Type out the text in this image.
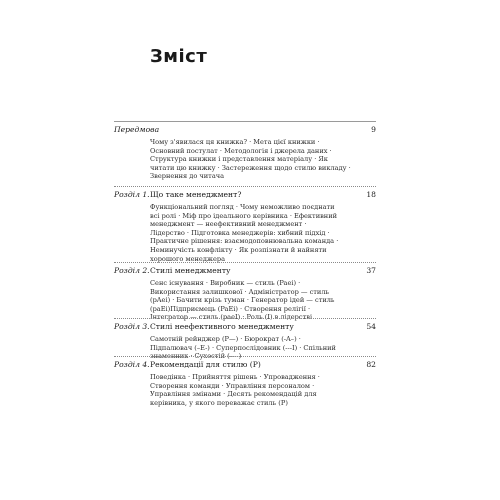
Зміст
Передмова	9
Чому з'явилася ця книжка? · Мета цієї книжки ·
Основний постулат · Методологія і джерела даних ·
Структура книжки і представлення матеріалу · Як
читати цю книжку · Застереження щодо стилю викладу ·
Звернення до читача
Розділ 1. Що таке менеджмент?	18
Функціональний погляд · Чому неможливо поєднати
всі ролі · Міф про ідеального керівника · Ефективний
менеджмент — неефективний менеджмент ·
Лідерство · Підготовка менеджерів: хибний підхід ·
Практичне рішення: взаємодоповнювальна команда ·
Неминучість конфлікту · Як розпізнати й найняти
хорошого менеджера
Розділ 2. Стилі менеджменту	37
Сенс існування · Виробник — стиль (Paei) ·
Використання залишкової · Адміністратор — стиль
(pAei) · Бачити крізь туман · Генератор ідей — стиль
(paEi)Підприємець (PaEi) · Створення релігії ·
Інтегратор — стиль (paeI) · Роль (I) в лідерстві
Розділ 3. Стилі неефективного менеджменту	54
Самотній рейнджер (P—) · Бюрократ (-A–) ·
Підпалювач (–E-) · Суперпослідовник (---I) · Спільний
знаменник · Сухостій (----)
Розділ 4. Рекомендації для стилю (P)	82
Поведінка · Прийняття рішень · Упровадження ·
Створення команди · Управління персоналом ·
Управління змінами · Десять рекомендацій для
керівника, у якого переважає стиль (P)
